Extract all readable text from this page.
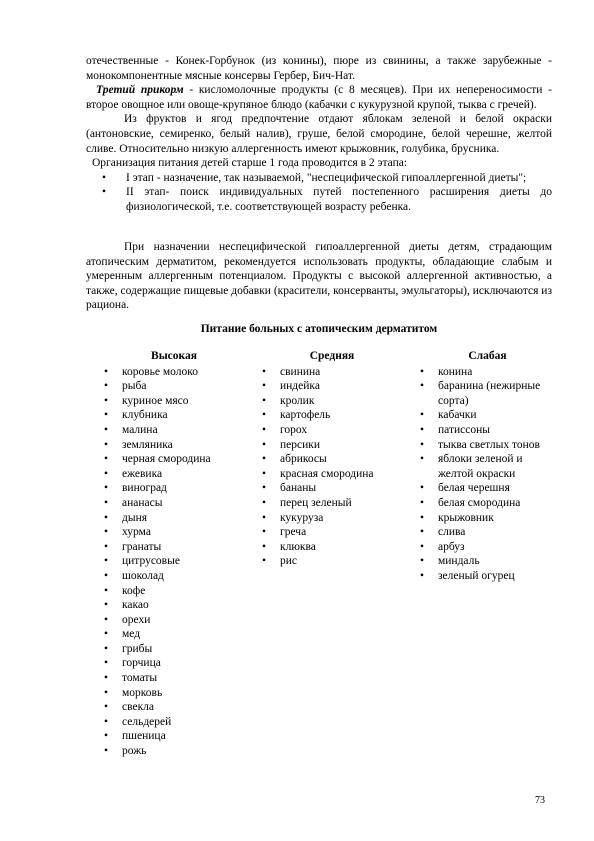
отечественные - Конек-Горбунок (из конины), пюре из свинины, а также зарубежные - монокомпонентные мясные консервы Гербер, Бич-Нат.

Третий прикорм - кисломолочные продукты (с 8 месяцев). При их непереносимости - второе овощное или овоще-крупяное блюдо (кабачки с кукурузной крупой, тыква с гречей).

Из фруктов и ягод предпочтение отдают яблокам зеленой и белой окраски (антоновские, семиренко, белый налив), груше, белой смородине, белой черешне, желтой сливе. Относительно низкую аллергенность имеют крыжовник, голубика, брусника.

Организация питания детей старше 1 года проводится в 2 этапа:

• I этап - назначение, так называемой, "неспецифической гипоаллергенной диеты";
• II этап- поиск индивидуальных путей постепенного расширения диеты до физиологической, т.е. соответствующей возрасту ребенка.

При назначении неспецифической гипоаллергенной диеты детям, страдающим атопическим дерматитом, рекомендуется использовать продукты, обладающие слабым и умеренным аллергенным потенциалом. Продукты с высокой аллергенной активностью, а также, содержащие пищевые добавки (красители, консерванты, эмульгаторы), исключаются из рациона.

Питание больных с атопическим дерматитом
Высокая
• коровье молоко
• рыба
• куриное мясо
• клубника
• малина
• земляника
• черная смородина
• ежевика
• виноград
• ананасы
• дыня
• хурма
• гранаты
• цитрусовые
• шоколад
• кофе
• какао
• орехи
• мед
• грибы
• горчица
• томаты
• морковь
• свекла
• сельдерей
• пшеница
• рожь
Средняя
• свинина
• индейка
• кролик
• картофель
• горох
• персики
• абрикосы
• красная смородина
• бананы
• перец зеленый
• кукуруза
• греча
• клюква
• рис
Слабая
• конина
• баранина (нежирные сорта)
• кабачки
• патиссоны
• тыква светлых тонов
• яблоки зеленой и желтой окраски
• белая черешня
• белая смородина
• крыжовник
• слива
• арбуз
• миндаль
• зеленый огурец
73
